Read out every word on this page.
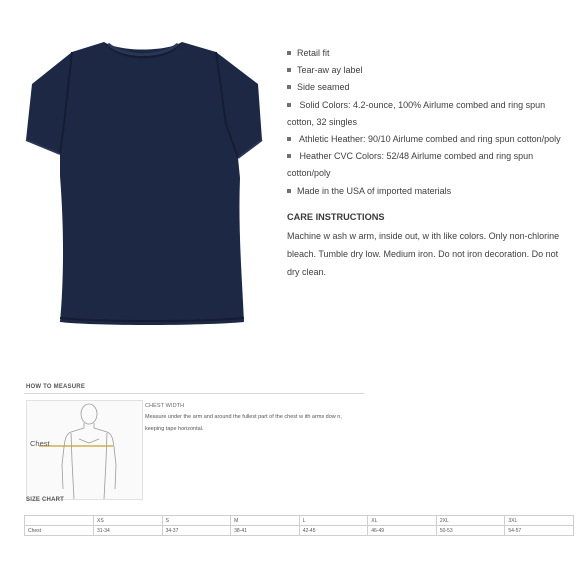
Retail fit
Tear-aw ay label
Side seamed
Solid Colors: 4.2-ounce, 100% Airlume combed and ring spun cotton, 32 singles
Athletic Heather: 90/10 Airlume combed and ring spun cotton/poly
Heather CVC Colors: 52/48 Airlume combed and ring spun cotton/poly
Made in the USA of imported materials
CARE INSTRUCTIONS
Machine w ash w arm, inside out, w ith like colors. Only non-chlorine bleach. Tumble dry low. Medium iron. Do not iron decoration. Do not dry clean.
HOW TO MEASURE
Chest
CHEST WIDTH
Measure under the arm and around the fullest part of the chest w ith arms dow n, keeping tape horizontal.
SIZE CHART
	XS	S	M	L	XL	2XL	3XL
Chest	31-34	34-37	38-41	42-45	46-49	50-53	54-57
